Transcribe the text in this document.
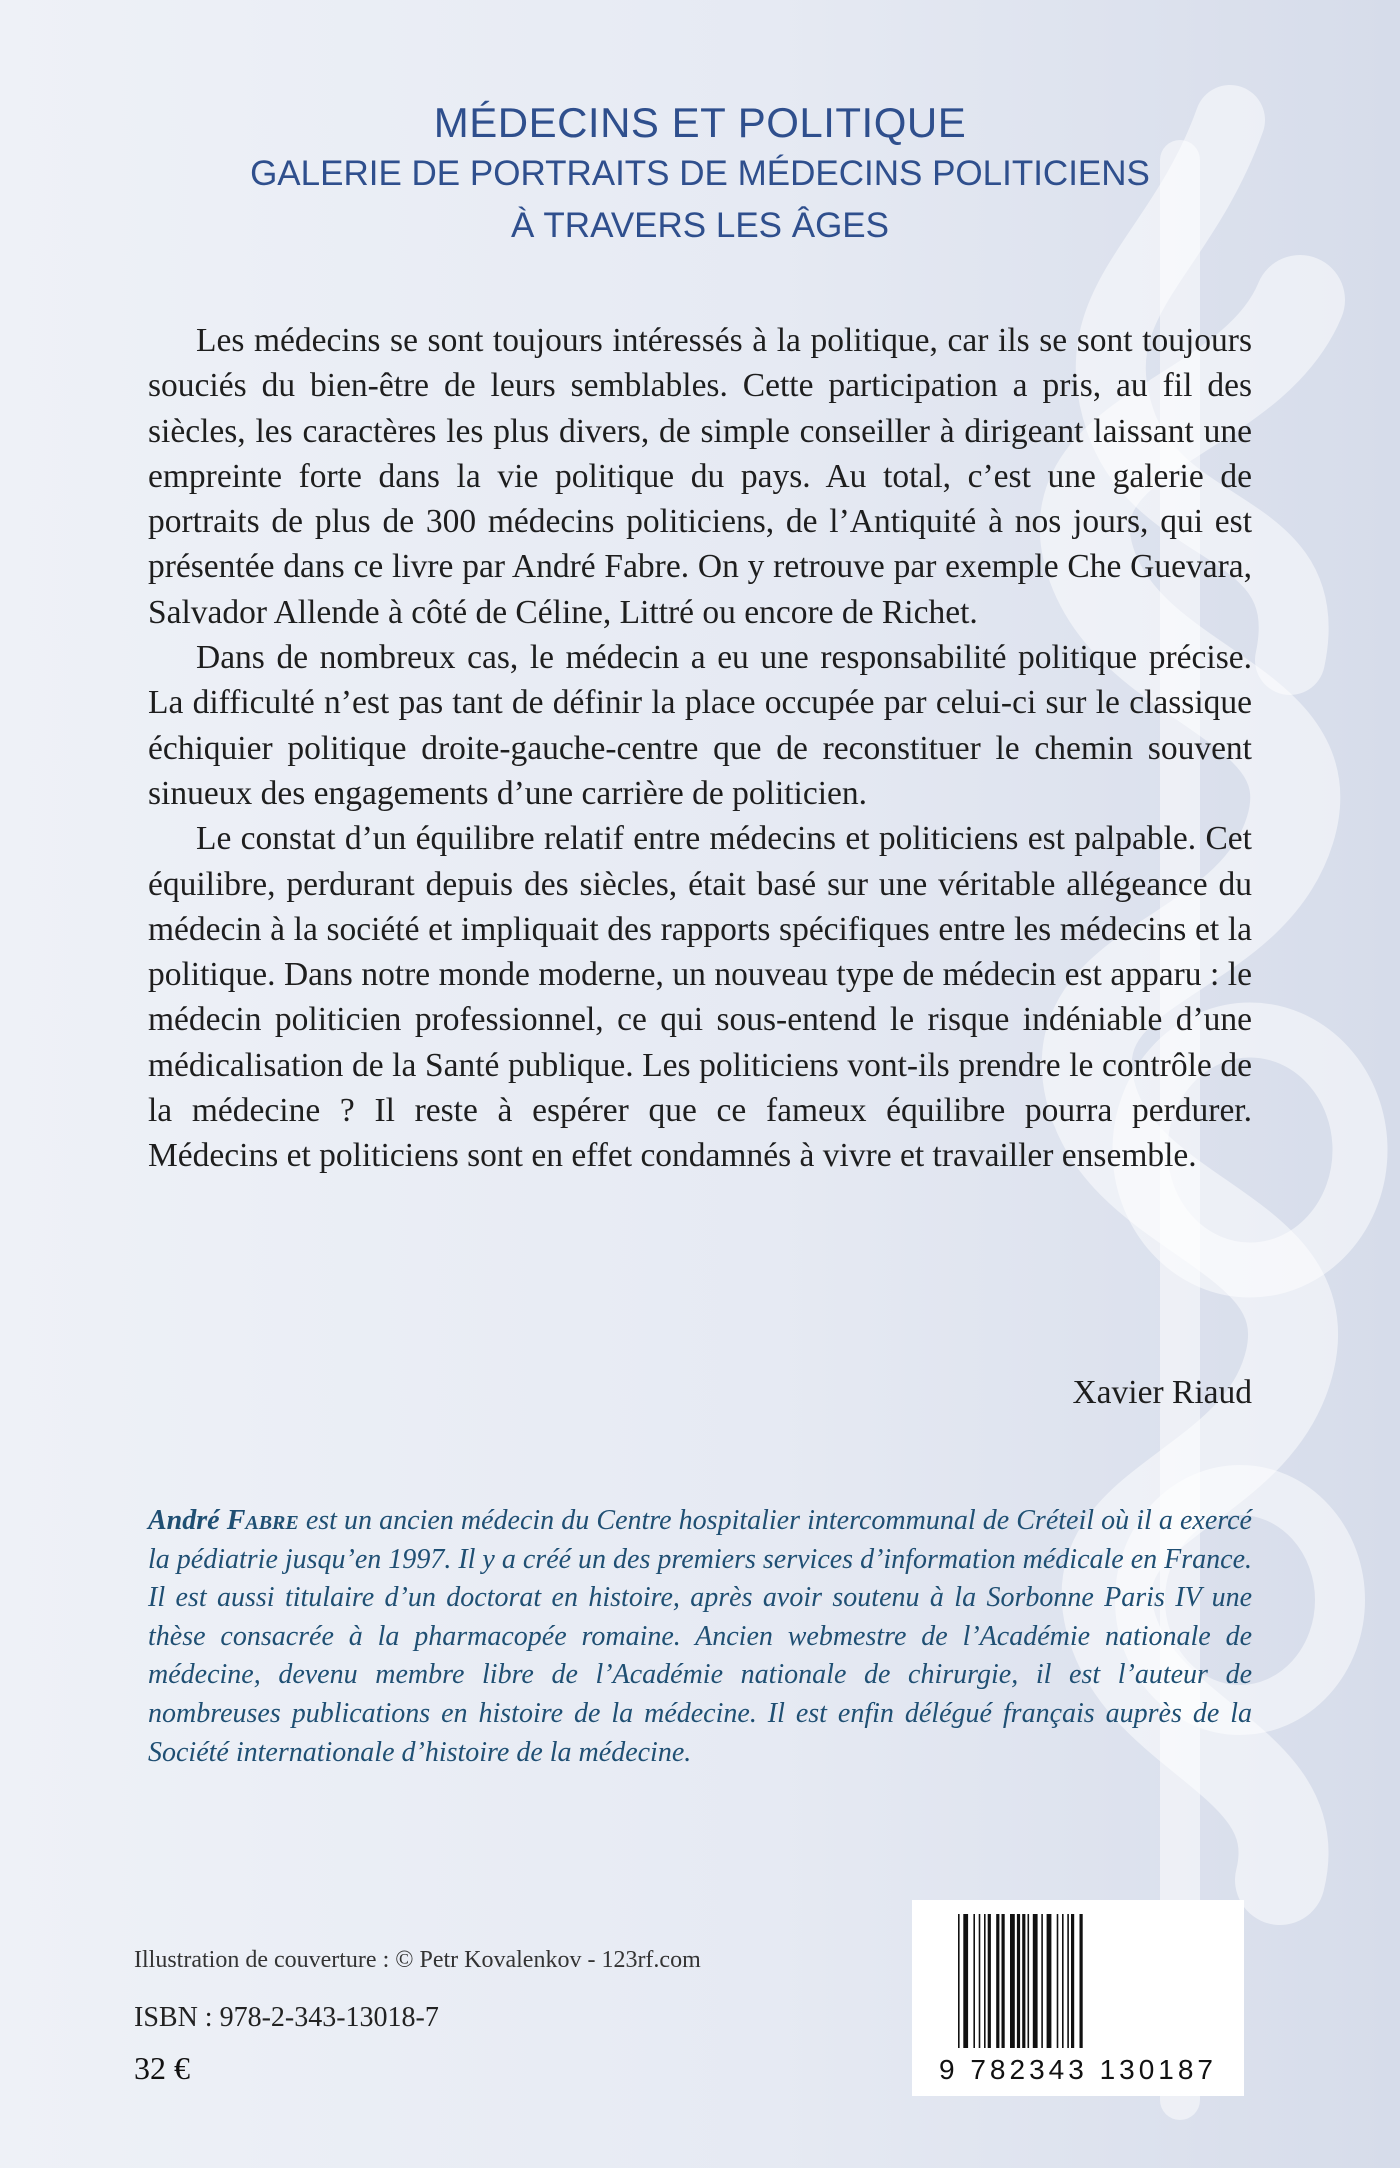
MÉDECINS ET POLITIQUE
GALERIE DE PORTRAITS DE MÉDECINS POLITICIENS
À TRAVERS LES ÂGES

Les médecins se sont toujours intéressés à la politique, car ils se sont toujours souciés du bien-être de leurs semblables. Cette participation a pris, au fil des siècles, les caractères les plus divers, de simple conseiller à dirigeant laissant une empreinte forte dans la vie politique du pays. Au total, c’est une galerie de portraits de plus de 300 médecins politiciens, de l’Antiquité à nos jours, qui est présentée dans ce livre par André Fabre. On y retrouve par exemple Che Guevara, Salvador Allende à côté de Céline, Littré ou encore de Richet.

Dans de nombreux cas, le médecin a eu une responsabilité politique précise. La difficulté n’est pas tant de définir la place occupée par celui-ci sur le classique échiquier politique droite-gauche-centre que de reconstituer le chemin souvent sinueux des engagements d’une carrière de politicien.

Le constat d’un équilibre relatif entre médecins et politiciens est palpable. Cet équilibre, perdurant depuis des siècles, était basé sur une véritable allégeance du médecin à la société et impliquait des rapports spécifiques entre les médecins et la politique. Dans notre monde moderne, un nouveau type de médecin est apparu : le médecin politicien professionnel, ce qui sous-entend le risque indéniable d’une médicalisation de la Santé publique. Les politiciens vont-ils prendre le contrôle de la médecine ? Il reste à espérer que ce fameux équilibre pourra perdurer. Médecins et politiciens sont en effet condamnés à vivre et travailler ensemble.

Xavier Riaud
André Fabre est un ancien médecin du Centre hospitalier intercommunal de Créteil où il a exercé la pédiatrie jusqu’en 1997. Il y a créé un des premiers services d’information médicale en France. Il est aussi titulaire d’un doctorat en histoire, après avoir soutenu à la Sorbonne Paris IV une thèse consacrée à la pharmacopée romaine. Ancien webmestre de l’Académie nationale de médecine, devenu membre libre de l’Académie nationale de chirurgie, il est l’auteur de nombreuses publications en histoire de la médecine. Il est enfin délégué français auprès de la Société internationale d’histoire de la médecine.
Illustration de couverture : © Petr Kovalenkov - 123rf.com
ISBN : 978-2-343-13018-7
32 €	9 782343 130187
